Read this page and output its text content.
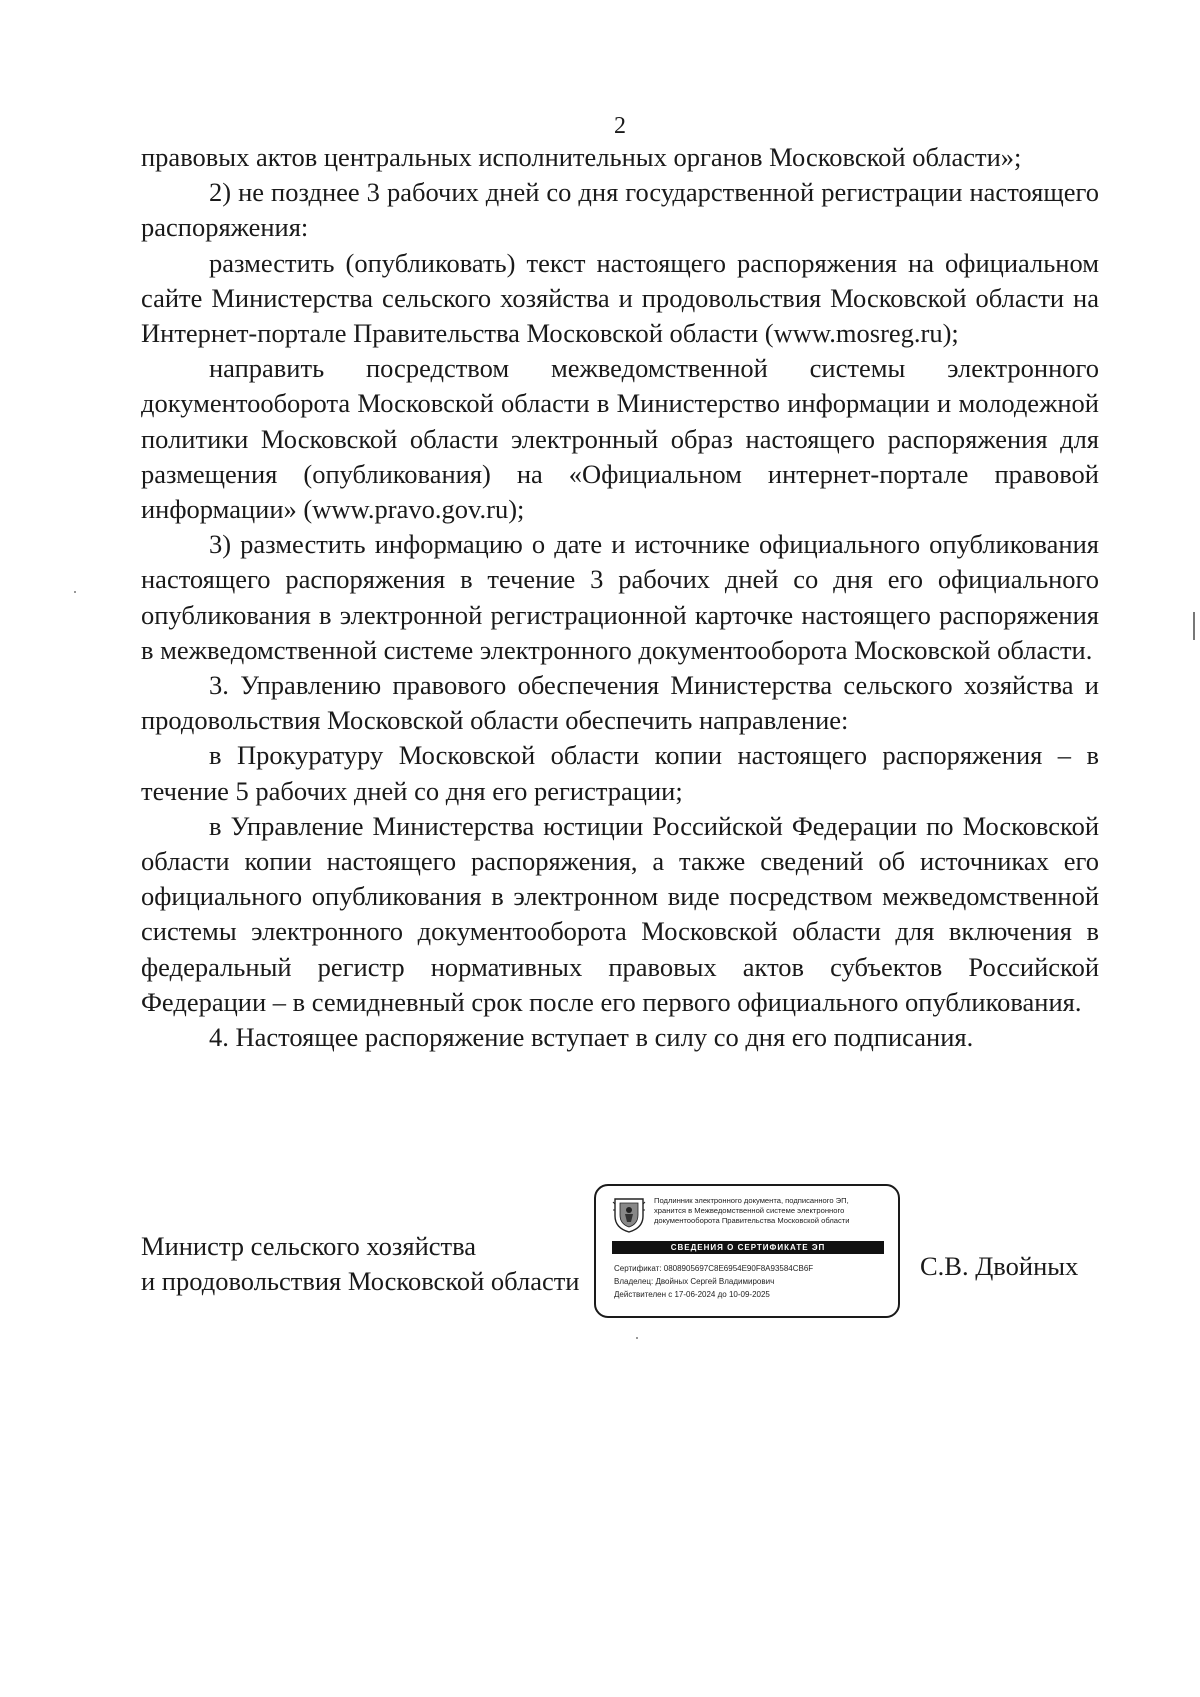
2

правовых актов центральных исполнительных органов Московской области»;

2) не позднее 3 рабочих дней со дня государственной регистрации настоящего распоряжения:

разместить (опубликовать) текст настоящего распоряжения на официальном сайте Министерства сельского хозяйства и продовольствия Московской области на Интернет-портале Правительства Московской области (www.mosreg.ru);

направить посредством межведомственной системы электронного документооборота Московской области в Министерство информации и молодежной политики Московской области электронный образ настоящего распоряжения для размещения (опубликования) на «Официальном интернет-портале правовой информации» (www.pravo.gov.ru);

3) разместить информацию о дате и источнике официального опубликования настоящего распоряжения в течение 3 рабочих дней со дня его официального опубликования в электронной регистрационной карточке настоящего распоряжения в межведомственной системе электронного документооборота Московской области.

3. Управлению правового обеспечения Министерства сельского хозяйства и продовольствия Московской области обеспечить направление:

в Прокуратуру Московской области копии настоящего распоряжения – в течение 5 рабочих дней со дня его регистрации;

в Управление Министерства юстиции Российской Федерации по Московской области копии настоящего распоряжения, а также сведений об источниках его официального опубликования в электронном виде посредством межведомственной системы электронного документооборота Московской области для включения в федеральный регистр нормативных правовых актов субъектов Российской Федерации – в семидневный срок после его первого официального опубликования.

4. Настоящее распоряжение вступает в силу со дня его подписания.

Министр сельского хозяйства
и продовольствия Московской области
Подлинник электронного документа, подписанного ЭП,
хранится в Межведомственной системе электронного
документооборота Правительства Московской области
СВЕДЕНИЯ О СЕРТИФИКАТЕ ЭП
Сертификат: 0808905697C8E6954E90F8A93584CB6F
Владелец: Двойных Сергей Владимирович
Действителен с 17-06-2024 до 10-09-2025
С.В. Двойных
